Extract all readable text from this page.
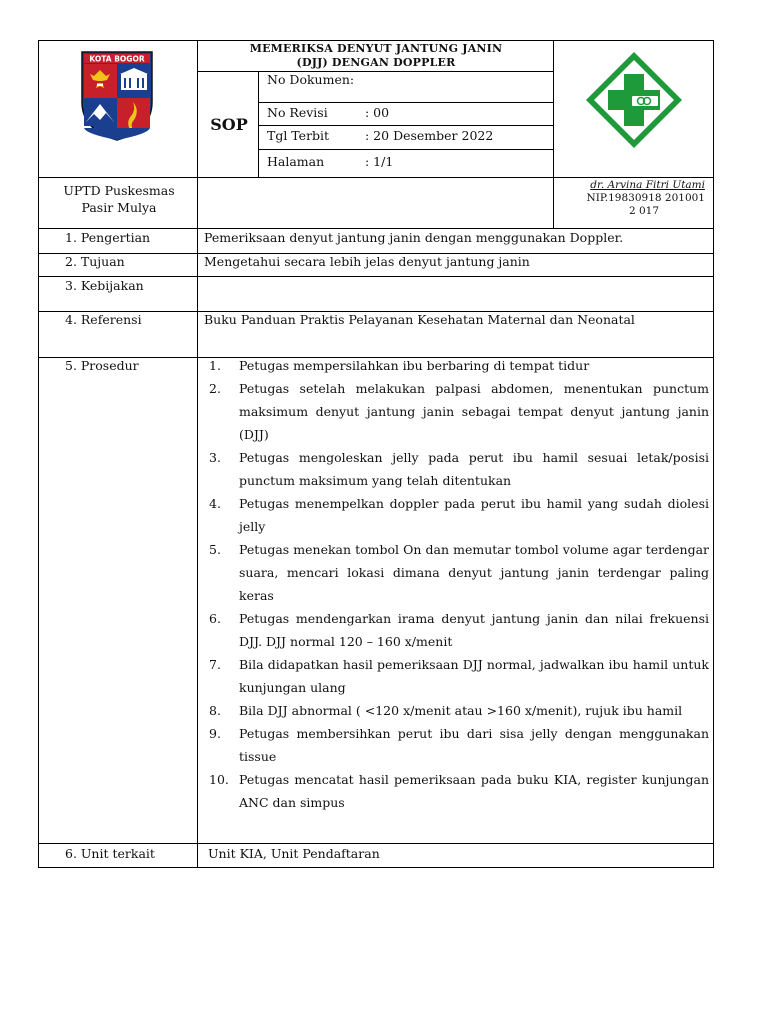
MEMERIKSA DENYUT JANTUNG JANIN
(DJJ) DENGAN DOPPLER
SOP
No Dokumen:
No Revisi	: 00
Tgl Terbit	: 20 Desember 2022
Halaman	: 1/1
UPTD Puskesmas
Pasir Mulya
dr. Arvina Fitri Utami
NIP.19830918 201001
2 017
KOTA BOGOR
1. Pengertian	Pemeriksaan denyut jantung janin dengan menggunakan Doppler.
2. Tujuan	Mengetahui secara lebih jelas denyut jantung janin
3. Kebijakan
4. Referensi	Buku Panduan Praktis Pelayanan Kesehatan Maternal dan Neonatal
5. Prosedur	1.	Petugas mempersilahkan ibu berbaring di tempat tidur
2.	Petugas setelah melakukan palpasi abdomen, menentukan punctum maksimum denyut jantung janin sebagai tempat denyut jantung janin (DJJ)
3.	Petugas mengoleskan jelly pada perut ibu hamil sesuai letak/posisi punctum maksimum yang telah ditentukan
4.	Petugas menempelkan doppler pada perut ibu hamil yang sudah diolesi jelly
5.	Petugas menekan tombol On dan memutar tombol volume agar terdengar suara, mencari lokasi dimana denyut jantung janin terdengar paling keras
6.	Petugas mendengarkan irama denyut jantung janin dan nilai frekuensi DJJ. DJJ normal 120 – 160 x/menit
7.	Bila didapatkan hasil pemeriksaan DJJ normal, jadwalkan ibu hamil untuk kunjungan ulang
8.	Bila DJJ abnormal ( <120 x/menit atau >160 x/menit), rujuk ibu hamil
9.	Petugas membersihkan perut ibu dari sisa jelly dengan menggunakan tissue
10. Petugas mencatat hasil pemeriksaan pada buku KIA, register kunjungan ANC dan simpus
6. Unit terkait	Unit KIA, Unit Pendaftaran
